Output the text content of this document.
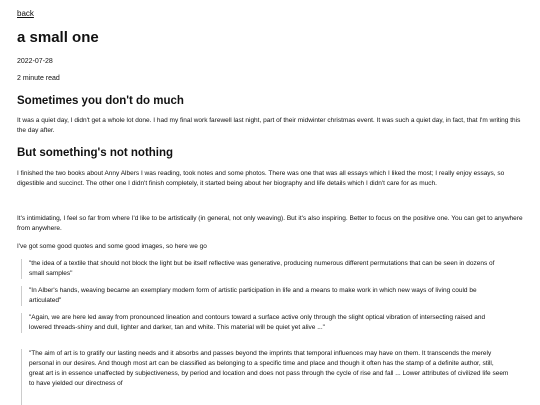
back
a small one
2022-07-28
2 minute read
Sometimes you don't do much

It was a quiet day, I didn't get a whole lot done. I had my final work farewell last night, part of their midwinter christmas event. It was such a quiet day, in fact, that I'm writing this the day after.

But something's not nothing

I finished the two books about Anny Albers I was reading, took notes and some photos. There was one that was all essays which I liked the most; I really enjoy essays, so digestible and succinct. The other one I didn't finish completely, it started being about her biography and life details which I didn't care for as much.

It's intimidating, I feel so far from where I'd like to be artistically (in general, not only weaving). But it's also inspiring. Better to focus on the positive one. You can get to anywhere from anywhere.

I've got some good quotes and some good images, so here we go

"the idea of a textile that should not block the light but be itself reflective was generative, producing numerous different permutations that can be seen in dozens of small samples"
"In Alber's hands, weaving became an exemplary modern form of artistic participation in life and a means to make work in which new ways of living could be articulated"
"Again, we are here led away from pronounced lineation and contours toward a surface active only through the slight optical vibration of intersecting raised and lowered threads-shiny and dull, lighter and darker, tan and white. This material will be quiet yet alive ..."
"The aim of art is to gratify our lasting needs and it absorbs and passes beyond the imprints that temporal influences may have on them. It transcends the merely personal in our desires. And though most art can be classified as belonging to a specific time and place and though it often has the stamp of a definite author, still, great art is in essence unaffected by subjectiveness, by period and location and does not pass through the cycle of rise and fall ... Lower attributes of civilized life seem to have yielded our directness of
